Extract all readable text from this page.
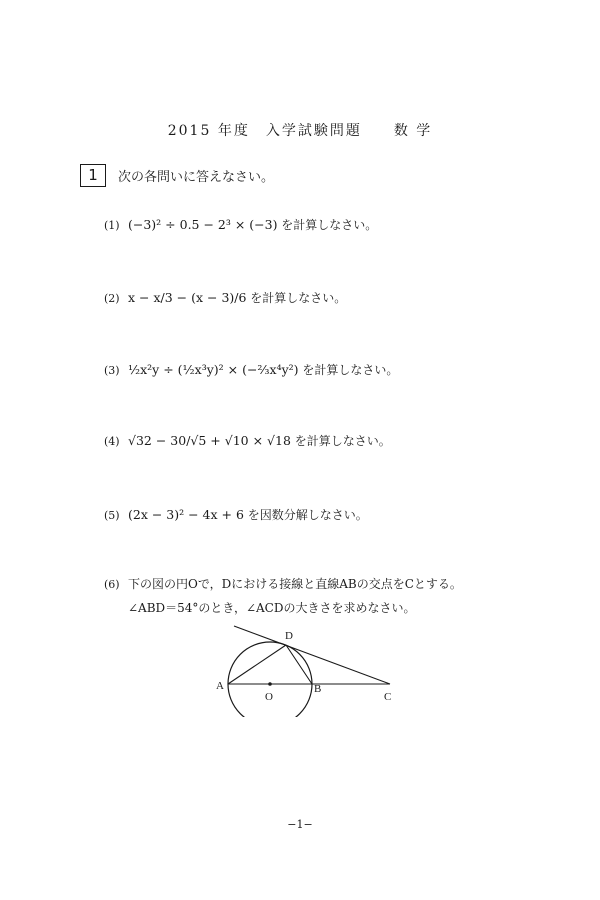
2015 年度　入学試験問題　　数 学
1	次の各問いに答えなさい。
(1) (−3)² ÷ 0.5 − 2³ × (−3) を計算しなさい。
(2) x − x/3 − (x − 3)/6 を計算しなさい。
(3) ½x²y ÷ (½x³y)² × (−⅔x⁴y²) を計算しなさい。
(4) √32 − 30/√5 + √10 × √18 を計算しなさい。
(5) (2x − 3)² − 4x + 6 を因数分解しなさい。
(6) 下の図の円Oで，Dにおける接線と直線ABの交点をCとする。
∠ABD＝54°のとき，∠ACDの大きさを求めなさい。
A
O
B
C
D
−1−
